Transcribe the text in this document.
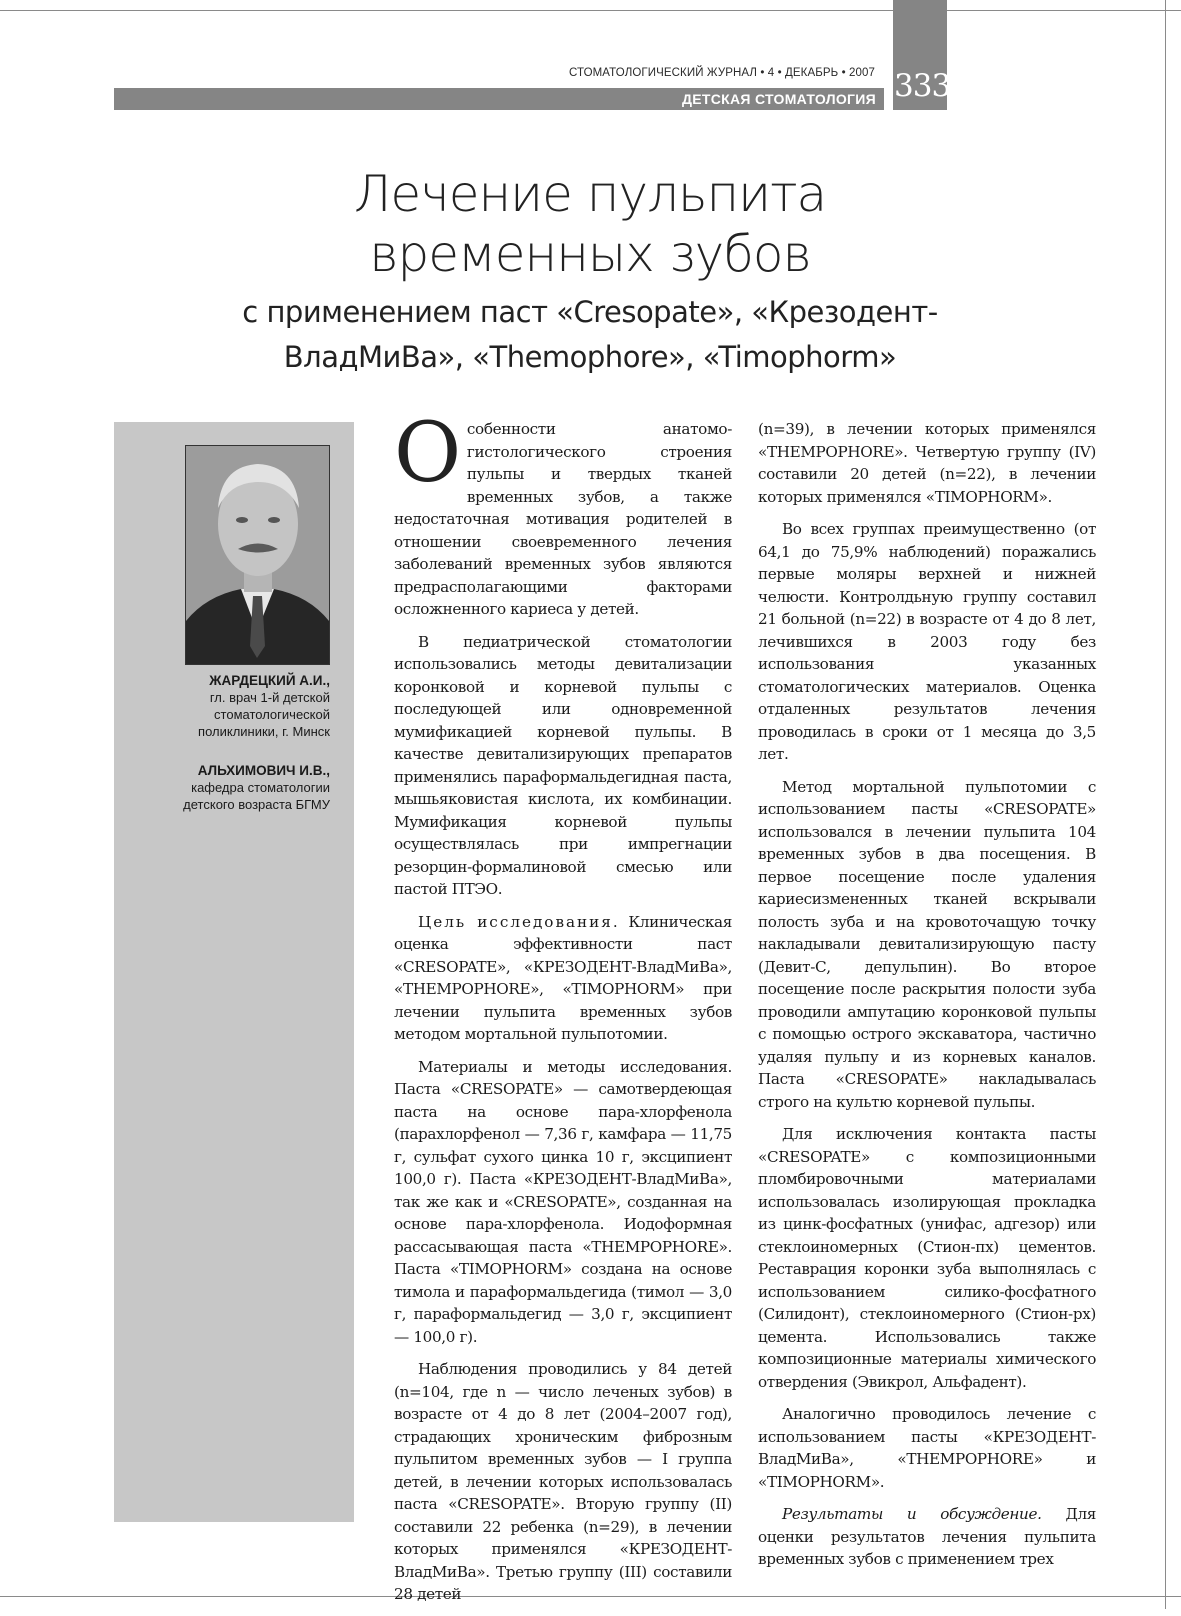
СТОМАТОЛОГИЧЕСКИЙ ЖУРНАЛ • 4 • ДЕКАБРЬ • 2007
ДЕТСКАЯ СТОМАТОЛОГИЯ 333
Лечение пульпита
временных зубов
с применением паст «Cresopate», «Крезодент-
ВладМиВа», «Themophore», «Timophorm»
ЖАРДЕЦКИЙ А.И.,
гл. врач 1-й детской
стоматологической
поликлиники, г. Минск
АЛЬХИМОВИЧ И.В.,
кафедра стоматологии
детского возраста БГМУ

Особенности анатомо-гистологического строения пульпы и твердых тканей временных зубов, а также недостаточная мотивация родителей в отношении своевременного лечения заболеваний временных зубов являются предрасполагающими факторами осложненного кариеса у детей.

В педиатрической стоматологии использовались методы девитализации коронковой и корневой пульпы с последующей или одновременной мумификацией корневой пульпы. В качестве девитализирующих препаратов применялись параформальдегидная паста, мышьяковистая кислота, их комбинации. Мумификация корневой пульпы осуществлялась при импрегнации резорцин-формалиновой смесью или пастой ПТЭО.

Цель исследования. Клиническая оценка эффективности паст «CRESOPATE», «КРЕЗОДЕНТ-ВладМиВа», «THEMPOPHORE», «TIMOPHORM» при лечении пульпита временных зубов методом мортальной пульпотомии.

Материалы и методы исследования. Паста «CRESOPATE» — самотвердеющая паста на основе пара-хлорфенола (парахлорфенол — 7,36 г, камфара — 11,75 г, сульфат сухого цинка 10 г, эксципиент 100,0 г). Паста «КРЕЗОДЕНТ-ВладМиВа», так же как и «CRESOPATE», созданная на основе пара-хлорфенола. Иодоформная рассасывающая паста «THEMPOPHORE». Паста «TIMOPHORM» создана на основе тимола и параформальдегида (тимол — 3,0 г, параформальдегид — 3,0 г, эксципиент — 100,0 г).

Наблюдения проводились у 84 детей (n=104, где n — число леченых зубов) в возрасте от 4 до 8 лет (2004–2007 год), страдающих хроническим фиброзным пульпитом временных зубов — I группа детей, в лечении которых использовалась паста «CRESOPATE». Вторую группу (II) составили 22 ребенка (n=29), в лечении которых применялся «КРЕЗОДЕНТ-ВладМиВа». Третью группу (III) составили 28 детей

(n=39), в лечении которых применялся «THEMPOPHORE». Четвертую группу (IV) составили 20 детей (n=22), в лечении которых применялся «TIMOPHORM».

Во всех группах преимущественно (от 64,1 до 75,9% наблюдений) поражались первые моляры верхней и нижней челюсти. Контролдьную группу составил 21 больной (n=22) в возрасте от 4 до 8 лет, лечившихся в 2003 году без использования указанных стоматологических материалов. Оценка отдаленных результатов лечения проводилась в сроки от 1 месяца до 3,5 лет.

Метод мортальной пульпотомии с использованием пасты «CRESOPATE» использовался в лечении пульпита 104 временных зубов в два посещения. В первое посещение после удаления кариесизмененных тканей вскрывали полость зуба и на кровоточащую точку накладывали девитализирующую пасту (Девит-С, депульпин). Во второе посещение после раскрытия полости зуба проводили ампутацию коронковой пульпы с помощью острого экскаватора, частично удаляя пульпу и из корневых каналов. Паста «CRESOPATE» накладывалась строго на культю корневой пульпы.

Для исключения контакта пасты «CRESOPATE» с композиционными пломбировочными материалами использовалась изолирующая прокладка из цинк-фосфатных (унифас, адгезор) или стеклоиномерных (Стион-пх) цементов. Реставрация коронки зуба выполнялась с использованием силико-фосфатного (Силидонт), стеклоиномерного (Стион-рх) цемента. Использовались также композиционные материалы химического отвердения (Эвикрол, Альфадент).

Аналогично проводилось лечение с использованием пасты «КРЕЗОДЕНТ-ВладМиВа», «THEMPOPHORE» и «TIMOPHORM».

Результаты и обсуждение. Для оценки результатов лечения пульпита временных зубов с применением трех
